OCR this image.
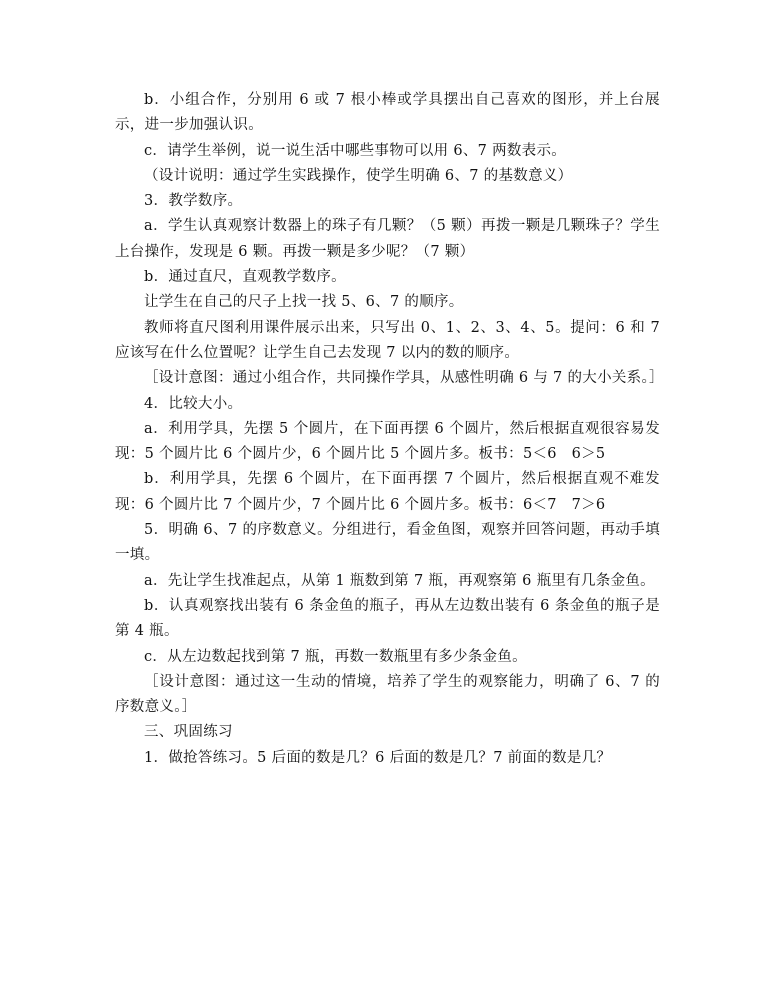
b．小组合作，分别用 6 或 7 根小棒或学具摆出自己喜欢的图形，并上台展示，进一步加强认识。

c．请学生举例，说一说生活中哪些事物可以用 6、7 两数表示。

（设计说明：通过学生实践操作，使学生明确 6、7 的基数意义）

3．教学数序。

a．学生认真观察计数器上的珠子有几颗？（5 颗）再拨一颗是几颗珠子？学生上台操作，发现是 6 颗。再拨一颗是多少呢？（7 颗）

b．通过直尺，直观教学数序。

让学生在自己的尺子上找一找 5、6、7 的顺序。

教师将直尺图利用课件展示出来，只写出 0、1、2、3、4、5。提问：6 和 7 应该写在什么位置呢？让学生自己去发现 7 以内的数的顺序。

［设计意图：通过小组合作，共同操作学具，从感性明确 6 与 7 的大小关系。］

4．比较大小。

a．利用学具，先摆 5 个圆片，在下面再摆 6 个圆片，然后根据直观很容易发现：5 个圆片比 6 个圆片少，6 个圆片比 5 个圆片多。板书：5＜6　6＞5

b．利用学具，先摆 6 个圆片，在下面再摆 7 个圆片，然后根据直观不难发现：6 个圆片比 7 个圆片少，7 个圆片比 6 个圆片多。板书：6＜7　7＞6

5．明确 6、7 的序数意义。分组进行，看金鱼图，观察并回答问题，再动手填一填。

a．先让学生找准起点，从第 1 瓶数到第 7 瓶，再观察第 6 瓶里有几条金鱼。

b．认真观察找出装有 6 条金鱼的瓶子，再从左边数出装有 6 条金鱼的瓶子是第 4 瓶。

c．从左边数起找到第 7 瓶，再数一数瓶里有多少条金鱼。

［设计意图：通过这一生动的情境，培养了学生的观察能力，明确了 6、7 的序数意义。］

三、巩固练习

1．做抢答练习。5 后面的数是几？6 后面的数是几？7 前面的数是几？
